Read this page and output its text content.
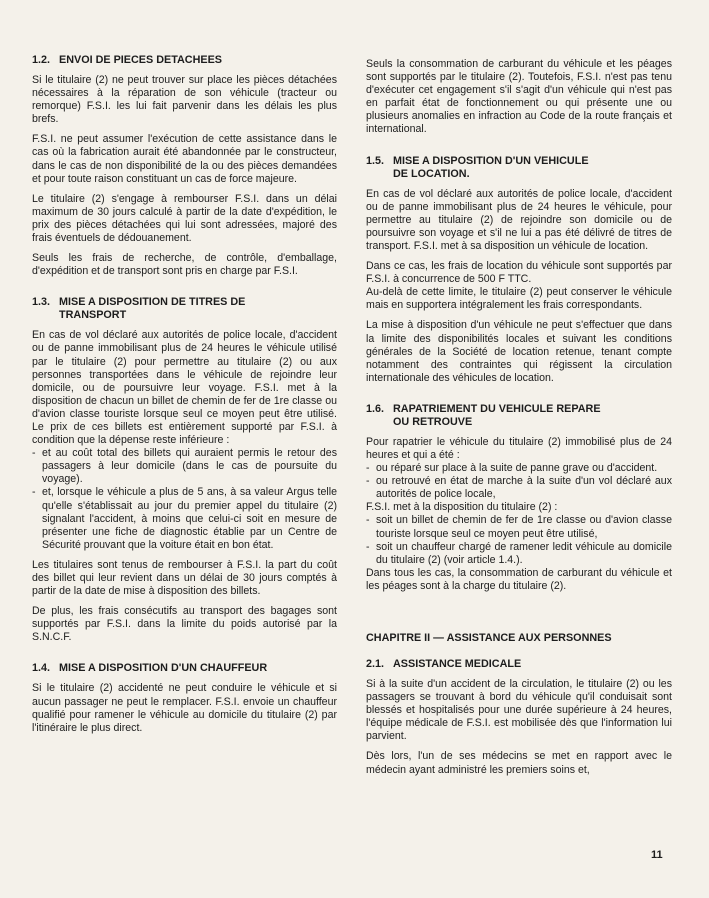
1.2. ENVOI DE PIECES DETACHEES

Si le titulaire (2) ne peut trouver sur place les pièces détachées nécessaires à la réparation de son véhicule (tracteur ou remorque) F.S.I. les lui fait parvenir dans les délais les plus brefs.

F.S.I. ne peut assumer l'exécution de cette assistance dans le cas où la fabrication aurait été abandonnée par le constructeur, dans le cas de non disponibilité de la ou des pièces demandées et pour toute raison constituant un cas de force majeure.

Le titulaire (2) s'engage à rembourser F.S.I. dans un délai maximum de 30 jours calculé à partir de la date d'expédition, le prix des pièces détachées qui lui sont adressées, majoré des frais éventuels de dédouanement.

Seuls les frais de recherche, de contrôle, d'emballage, d'expédition et de transport sont pris en charge par F.S.I.

1.3. MISE A DISPOSITION DE TITRES DE
TRANSPORT

En cas de vol déclaré aux autorités de police locale, d'accident ou de panne immobilisant plus de 24 heures le véhicule utilisé par le titulaire (2) pour permettre au titulaire (2) ou aux personnes transportées dans le véhicule de rejoindre leur domicile, ou de poursuivre leur voyage. F.S.I. met à la disposition de chacun un billet de chemin de fer de 1re classe ou d'avion classe touriste lorsque seul ce moyen peut être utilisé. Le prix de ces billets est entièrement supporté par F.S.I. à condition que la dépense reste inférieure :

- et au coût total des billets qui auraient permis le retour des passagers à leur domicile (dans le cas de poursuite du voyage).
- et, lorsque le véhicule a plus de 5 ans, à sa valeur Argus telle qu'elle s'établissait au jour du premier appel du titulaire (2) signalant l'accident, à moins que celui-ci soit en mesure de présenter une fiche de diagnostic établie par un Centre de Sécurité prouvant que la voiture était en bon état.

Les titulaires sont tenus de rembourser à F.S.I. la part du coût des billet qui leur revient dans un délai de 30 jours comptés à partir de la date de mise à disposition des billets.

De plus, les frais consécutifs au transport des bagages sont supportés par F.S.I. dans la limite du poids autorisé par la S.N.C.F.

1.4. MISE A DISPOSITION D'UN CHAUFFEUR

Si le titulaire (2) accidenté ne peut conduire le véhicule et si aucun passager ne peut le remplacer. F.S.I. envoie un chauffeur qualifié pour ramener le véhicule au domicile du titulaire (2) par l'itinéraire le plus direct.

Seuls la consommation de carburant du véhicule et les péages sont supportés par le titulaire (2). Toutefois, F.S.I. n'est pas tenu d'exécuter cet engagement s'il s'agit d'un véhicule qui n'est pas en parfait état de fonctionnement ou qui présente une ou plusieurs anomalies en infraction au Code de la route français et international.

1.5. MISE A DISPOSITION D'UN VEHICULE
DE LOCATION.

En cas de vol déclaré aux autorités de police locale, d'accident ou de panne immobilisant plus de 24 heures le véhicule, pour permettre au titulaire (2) de rejoindre son domicile ou de poursuivre son voyage et s'il ne lui a pas été délivré de titres de transport. F.S.I. met à sa disposition un véhicule de location.

Dans ce cas, les frais de location du véhicule sont supportés par F.S.I. à concurrence de 500 F TTC.

Au-delà de cette limite, le titulaire (2) peut conserver le véhicule mais en supportera intégralement les frais correspondants.

La mise à disposition d'un véhicule ne peut s'effectuer que dans la limite des disponibilités locales et suivant les conditions générales de la Société de location retenue, tenant compte notamment des contraintes qui régissent la circulation internationale des véhicules de location.

1.6. RAPATRIEMENT DU VEHICULE REPARE
OU RETROUVE

Pour rapatrier le véhicule du titulaire (2) immobilisé plus de 24 heures et qui a été :

- ou réparé sur place à la suite de panne grave ou d'accident.
- ou retrouvé en état de marche à la suite d'un vol déclaré aux autorités de police locale,

F.S.I. met à la disposition du titulaire (2) :

- soit un billet de chemin de fer de 1re classe ou d'avion classe touriste lorsque seul ce moyen peut être utilisé,
- soit un chauffeur chargé de ramener ledit véhicule au domicile du titulaire (2) (voir article 1.4.).

Dans tous les cas, la consommation de carburant du véhicule et les péages sont à la charge du titulaire (2).

CHAPITRE II — ASSISTANCE AUX PERSONNES
2.1. ASSISTANCE MEDICALE

Si à la suite d'un accident de la circulation, le titulaire (2) ou les passagers se trouvant à bord du véhicule qu'il conduisait sont blessés et hospitalisés pour une durée supérieure à 24 heures, l'équipe médicale de F.S.I. est mobilisée dès que l'information lui parvient.

Dès lors, l'un de ses médecins se met en rapport avec le médecin ayant administré les premiers soins et,

11
